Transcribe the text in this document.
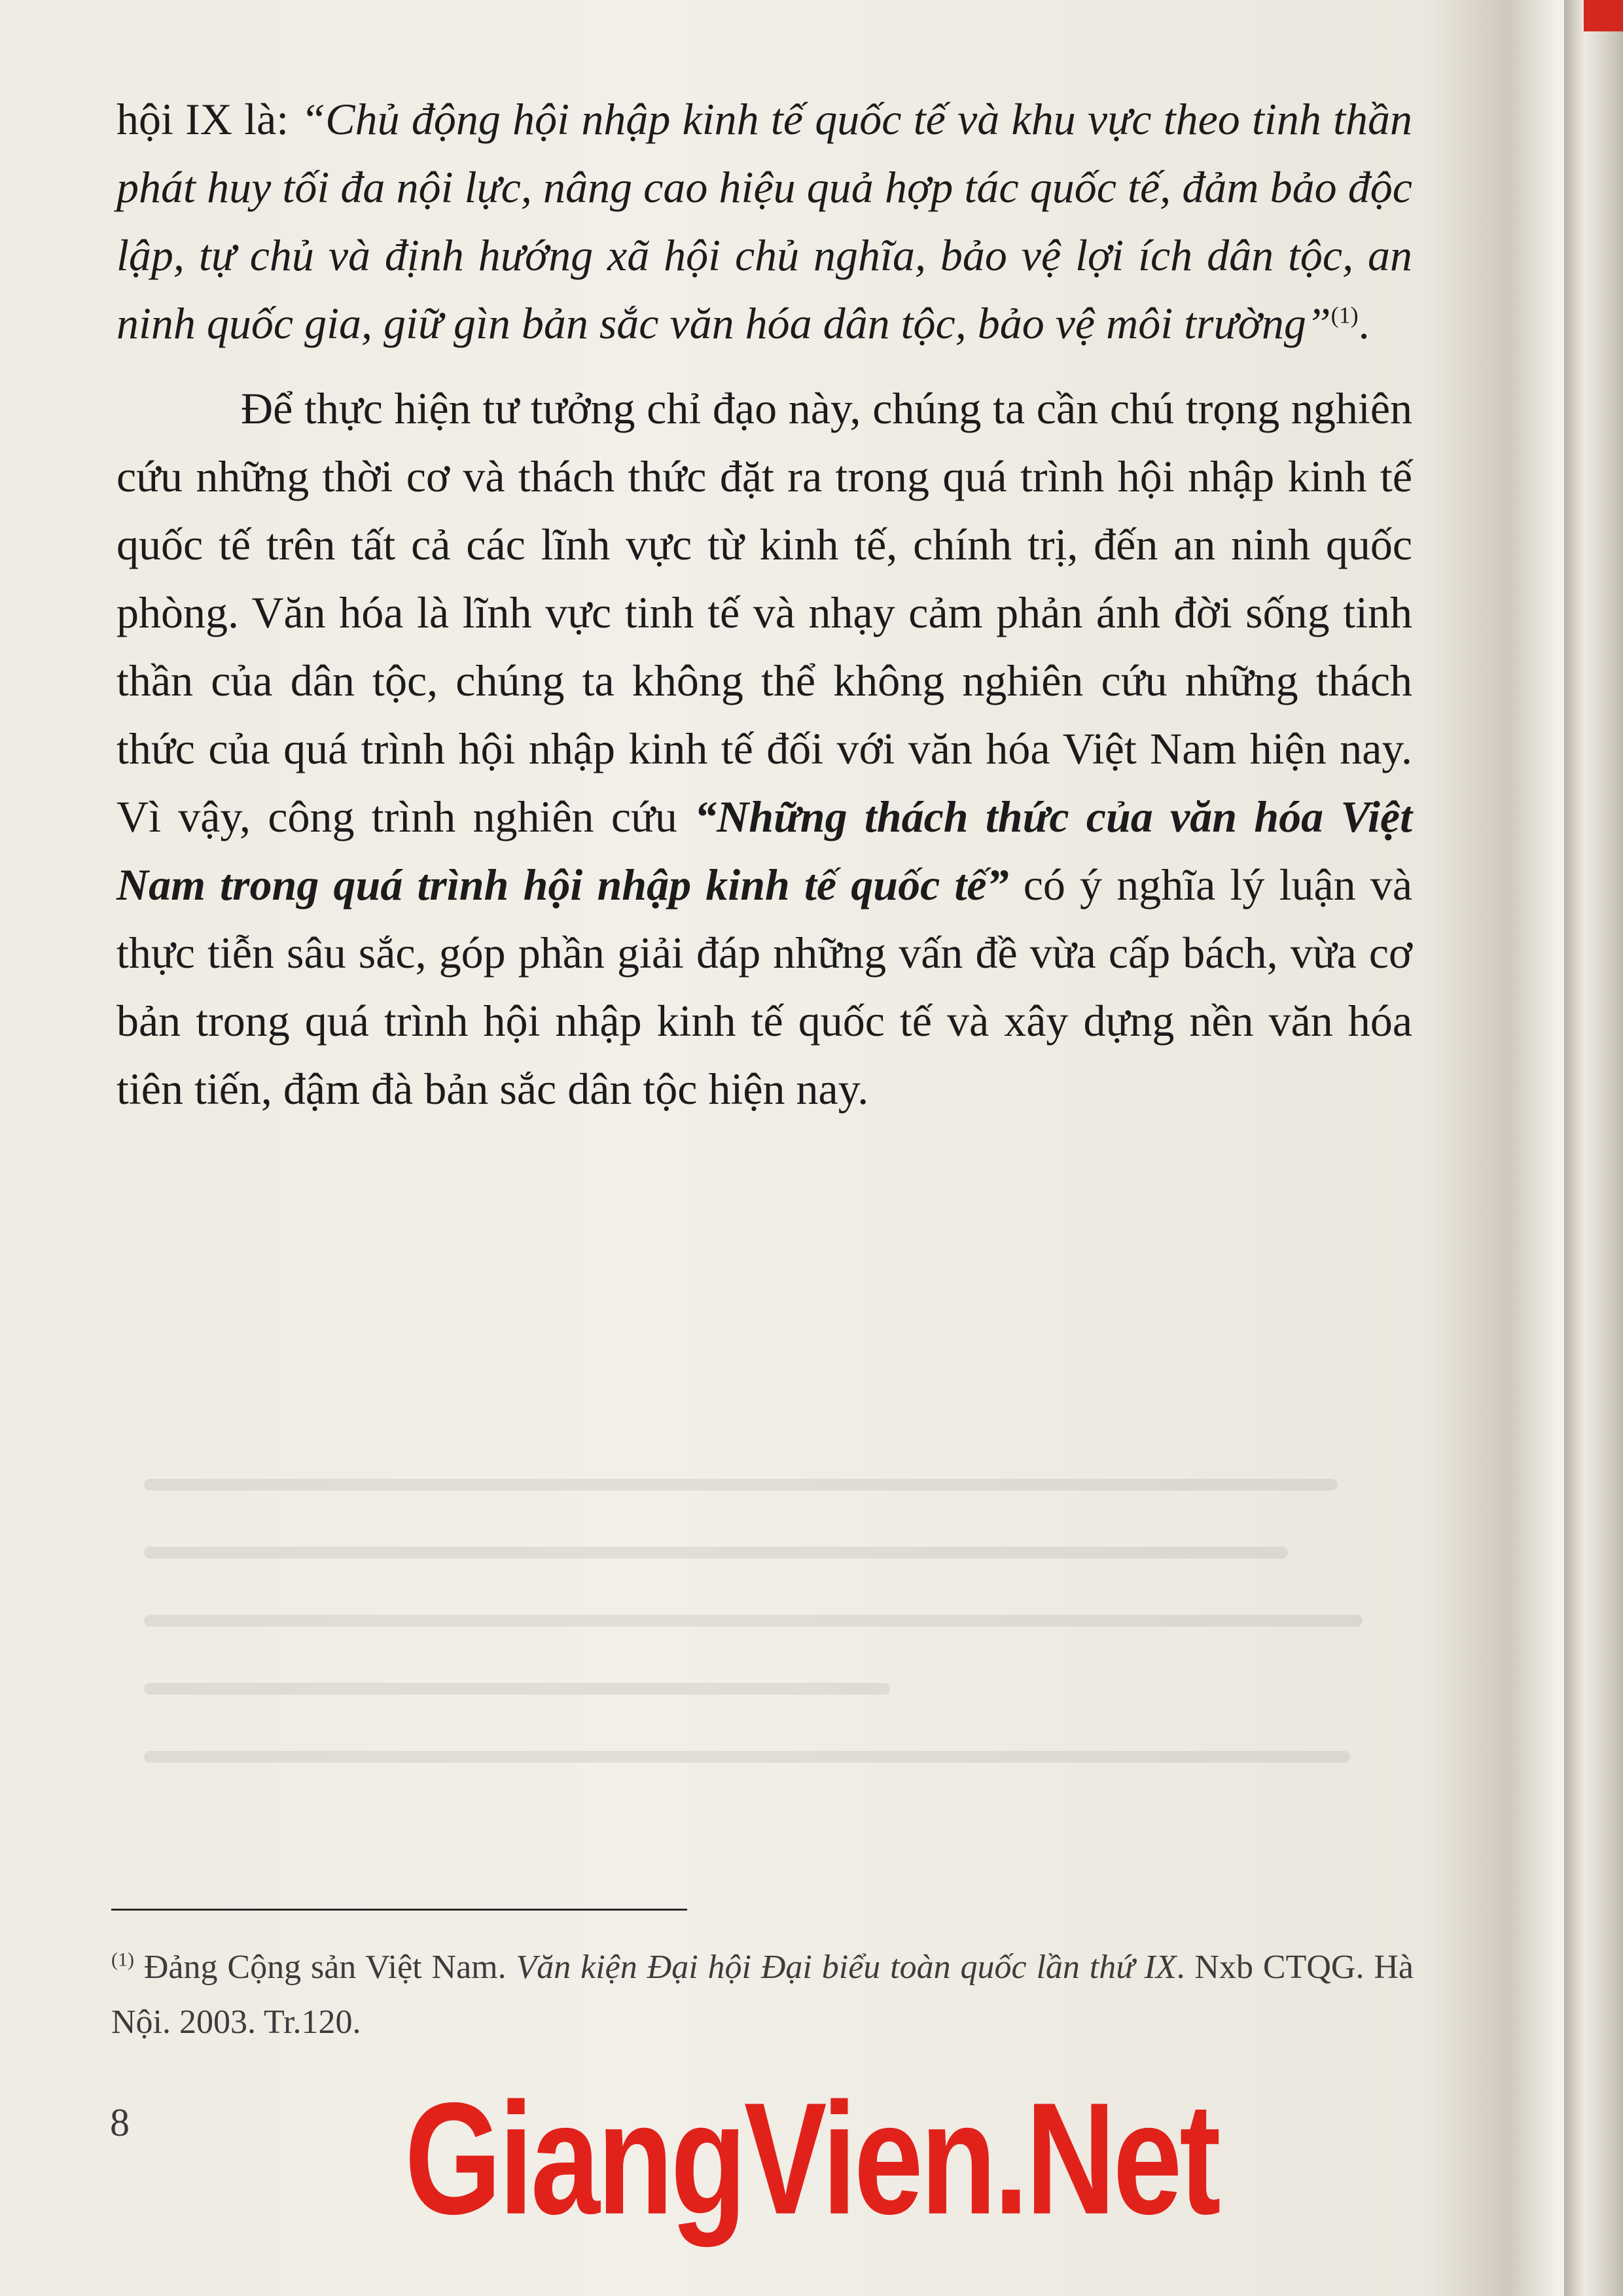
hội IX là: “Chủ động hội nhập kinh tế quốc tế và khu vực theo tinh thần phát huy tối đa nội lực, nâng cao hiệu quả hợp tác quốc tế, đảm bảo độc lập, tự chủ và định hướng xã hội chủ nghĩa, bảo vệ lợi ích dân tộc, an ninh quốc gia, giữ gìn bản sắc văn hóa dân tộc, bảo vệ môi trường”$^{(1)}$.

Để thực hiện tư tưởng chỉ đạo này, chúng ta cần chú trọng nghiên cứu những thời cơ và thách thức đặt ra trong quá trình hội nhập kinh tế quốc tế trên tất cả các lĩnh vực từ kinh tế, chính trị, đến an ninh quốc phòng. Văn hóa là lĩnh vực tinh tế và nhạy cảm phản ánh đời sống tinh thần của dân tộc, chúng ta không thể không nghiên cứu những thách thức của quá trình hội nhập kinh tế đối với văn hóa Việt Nam hiện nay. Vì vậy, công trình nghiên cứu “Những thách thức của văn hóa Việt Nam trong quá trình hội nhập kinh tế quốc tế” có ý nghĩa lý luận và thực tiễn sâu sắc, góp phần giải đáp những vấn đề vừa cấp bách, vừa cơ bản trong quá trình hội nhập kinh tế quốc tế và xây dựng nền văn hóa tiên tiến, đậm đà bản sắc dân tộc hiện nay.

$^{(1)}$ Đảng Cộng sản Việt Nam. Văn kiện Đại hội Đại biểu toàn quốc lần thứ IX. Nxb CTQG. Hà Nội. 2003. Tr.120.
8	GiangVien.Net
